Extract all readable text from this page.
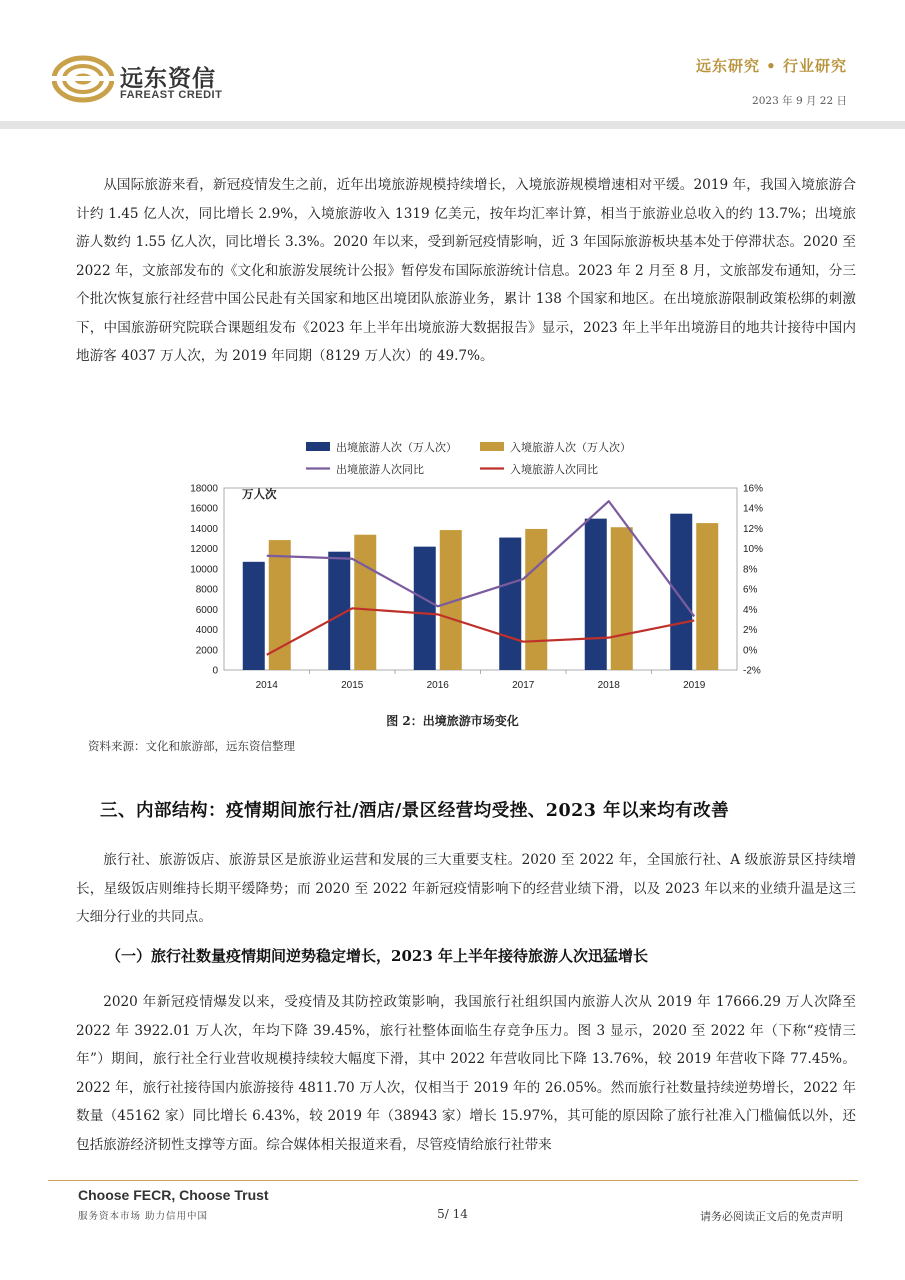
远东资信
FAREAST CREDIT
远东研究 • 行业研究
2023 年 9 月 22 日
从国际旅游来看，新冠疫情发生之前，近年出境旅游规模持续增长，入境旅游规模增速相对平缓。2019 年，我国入境旅游合计约 1.45 亿人次，同比增长 2.9%，入境旅游收入 1319 亿美元，按年均汇率计算，相当于旅游业总收入的约 13.7%；出境旅游人数约 1.55 亿人次，同比增长 3.3%。2020 年以来，受到新冠疫情影响，近 3 年国际旅游板块基本处于停滞状态。2020 至 2022 年，文旅部发布的《文化和旅游发展统计公报》暂停发布国际旅游统计信息。2023 年 2 月至 8 月，文旅部发布通知，分三个批次恢复旅行社经营中国公民赴有关国家和地区出境团队旅游业务，累计 138 个国家和地区。在出境旅游限制政策松绑的刺激下，中国旅游研究院联合课题组发布《2023 年上半年出境旅游大数据报告》显示，2023 年上半年出境游目的地共计接待中国内地游客 4037 万人次，为 2019 年同期（8129 万人次）的 49.7%。
出境旅游人次（万人次）	入境旅游人次（万人次）
出境旅游人次同比	入境旅游人次同比
0
2000
4000
6000
8000
10000
12000
14000
16000
18000
-2%
0%
2%
4%
6%
8%
10%
12%
14%
16%
2014	2015	2016	2017	2018	2019
万人次
图 2：出境旅游市场变化
资料来源：文化和旅游部，远东资信整理
三、内部结构：疫情期间旅行社/酒店/景区经营均受挫、2023 年以来均有改善
旅行社、旅游饭店、旅游景区是旅游业运营和发展的三大重要支柱。2020 至 2022 年，全国旅行社、A 级旅游景区持续增长，星级饭店则维持长期平缓降势；而 2020 至 2022 年新冠疫情影响下的经营业绩下滑，以及 2023 年以来的业绩升温是这三大细分行业的共同点。
（一）旅行社数量疫情期间逆势稳定增长，2023 年上半年接待旅游人次迅猛增长
2020 年新冠疫情爆发以来，受疫情及其防控政策影响，我国旅行社组织国内旅游人次从 2019 年 17666.29 万人次降至 2022 年 3922.01 万人次，年均下降 39.45%，旅行社整体面临生存竞争压力。图 3 显示，2020 至 2022 年（下称“疫情三年”）期间，旅行社全行业营收规模持续较大幅度下滑，其中 2022 年营收同比下降 13.76%，较 2019 年营收下降 77.45%。2022 年，旅行社接待国内旅游接待 4811.70 万人次，仅相当于 2019 年的 26.05%。然而旅行社数量持续逆势增长，2022 年数量（45162 家）同比增长 6.43%，较 2019 年（38943 家）增长 15.97%，其可能的原因除了旅行社准入门槛偏低以外，还包括旅游经济韧性支撑等方面。综合媒体相关报道来看，尽管疫情给旅行社带来
Choose FECR, Choose Trust
服务资本市场 助力信用中国	5/ 14	请务必阅读正文后的免责声明
